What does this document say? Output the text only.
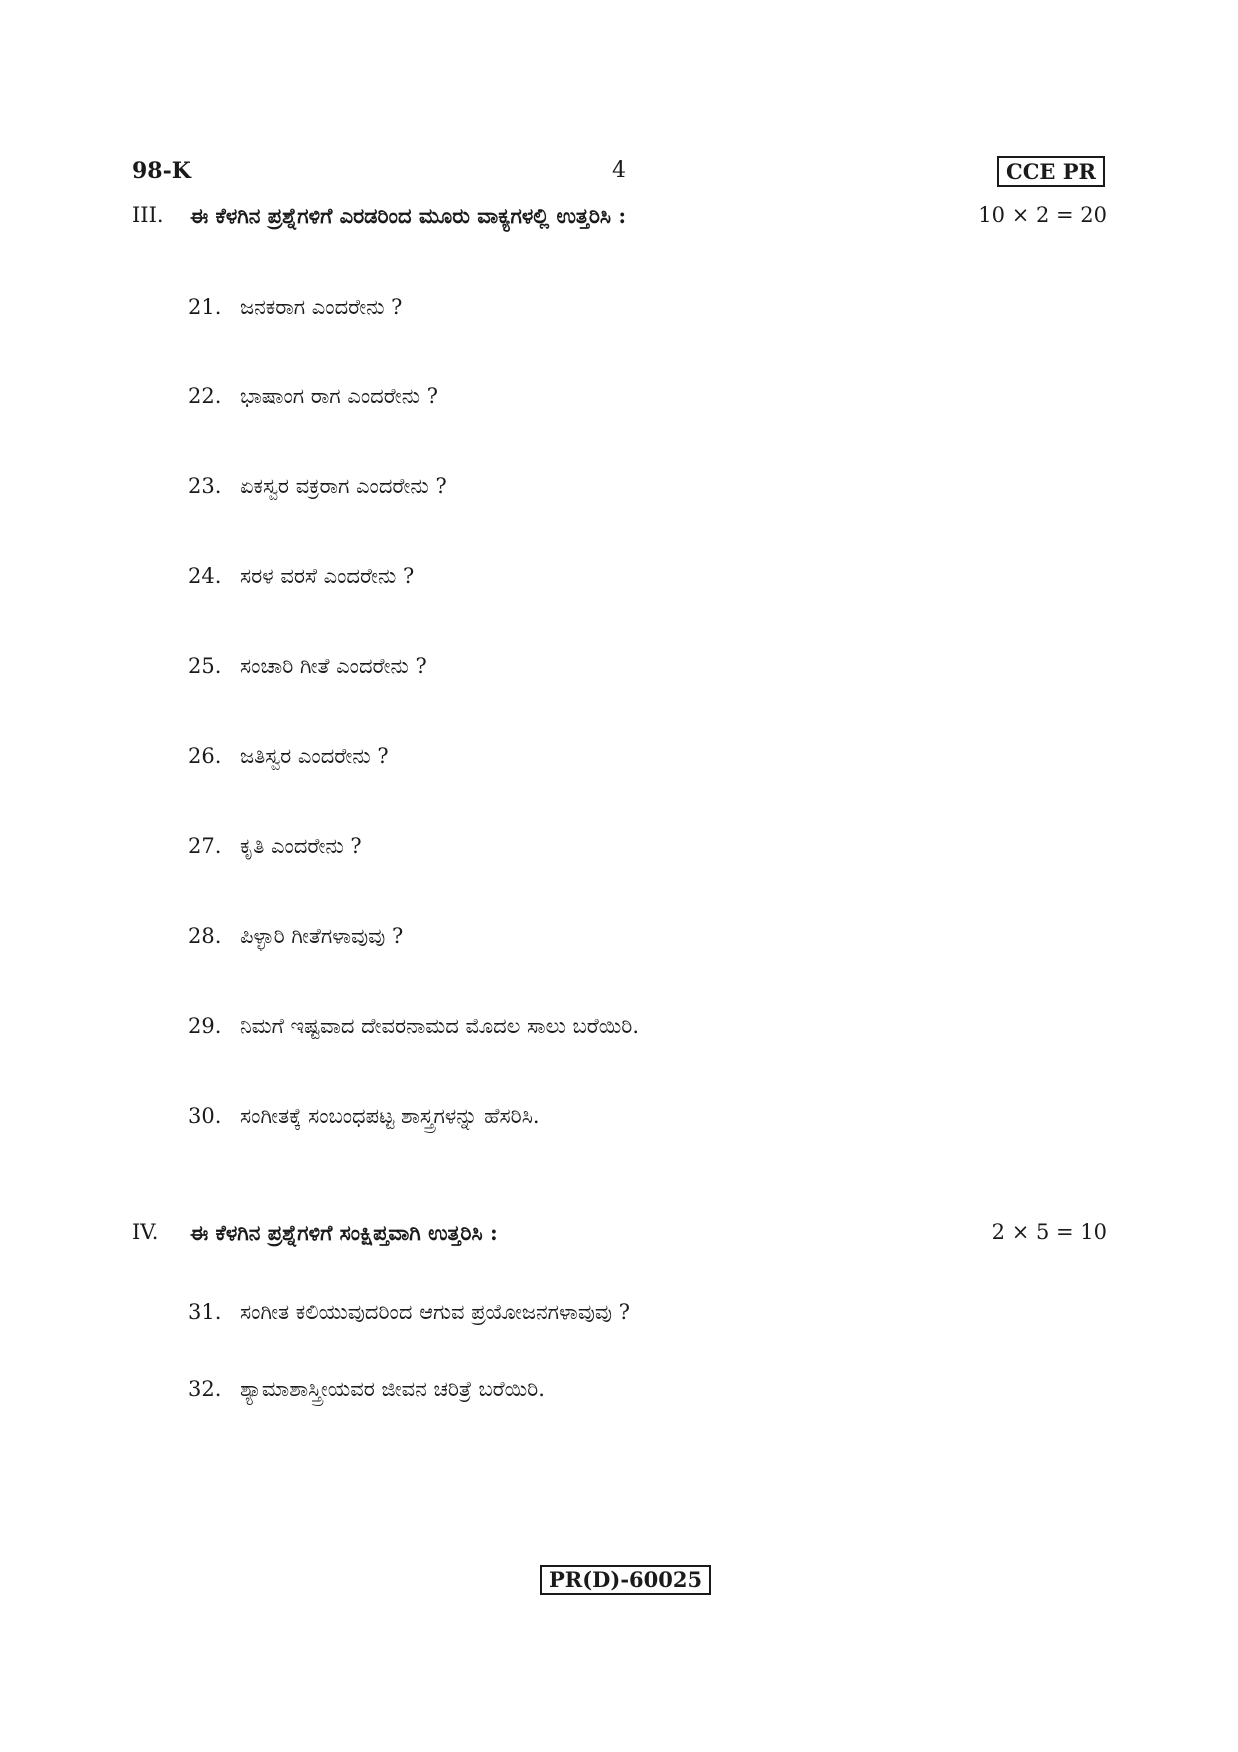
98-K	4	CCE PR
III. ಈ ಕೆಳಗಿನ ಪ್ರಶ್ನೆಗಳಿಗೆ ಎರಡರಿಂದ ಮೂರು ವಾಕ್ಯಗಳಲ್ಲಿ ಉತ್ತರಿಸಿ :	10 × 2 = 20
21. ಜನಕರಾಗ ಎಂದರೇನು ?
22. ಭಾಷಾಂಗ ರಾಗ ಎಂದರೇನು ?
23. ಏಕಸ್ವರ ವಕ್ರರಾಗ ಎಂದರೇನು ?
24. ಸರಳ ವರಸೆ ಎಂದರೇನು ?
25. ಸಂಚಾರಿ ಗೀತೆ ಎಂದರೇನು ?
26. ಜತಿಸ್ವರ ಎಂದರೇನು ?
27. ಕೃತಿ ಎಂದರೇನು ?
28. ಪಿಳ್ಳಾರಿ ಗೀತೆಗಳಾವುವು ?
29. ನಿಮಗೆ ಇಷ್ಟವಾದ ದೇವರನಾಮದ ಮೊದಲ ಸಾಲು ಬರೆಯಿರಿ.
30. ಸಂಗೀತಕ್ಕೆ ಸಂಬಂಧಪಟ್ಟ ಶಾಸ್ತ್ರಗಳನ್ನು ಹೆಸರಿಸಿ.
IV. ಈ ಕೆಳಗಿನ ಪ್ರಶ್ನೆಗಳಿಗೆ ಸಂಕ್ಷಿಪ್ತವಾಗಿ ಉತ್ತರಿಸಿ :	2 × 5 = 10
31. ಸಂಗೀತ ಕಲಿಯುವುದರಿಂದ ಆಗುವ ಪ್ರಯೋಜನಗಳಾವುವು ?
32. ಶ್ಯಾಮಾಶಾಸ್ತ್ರೀಯವರ ಜೀವನ ಚರಿತ್ರೆ ಬರೆಯಿರಿ.
PR(D)-60025
